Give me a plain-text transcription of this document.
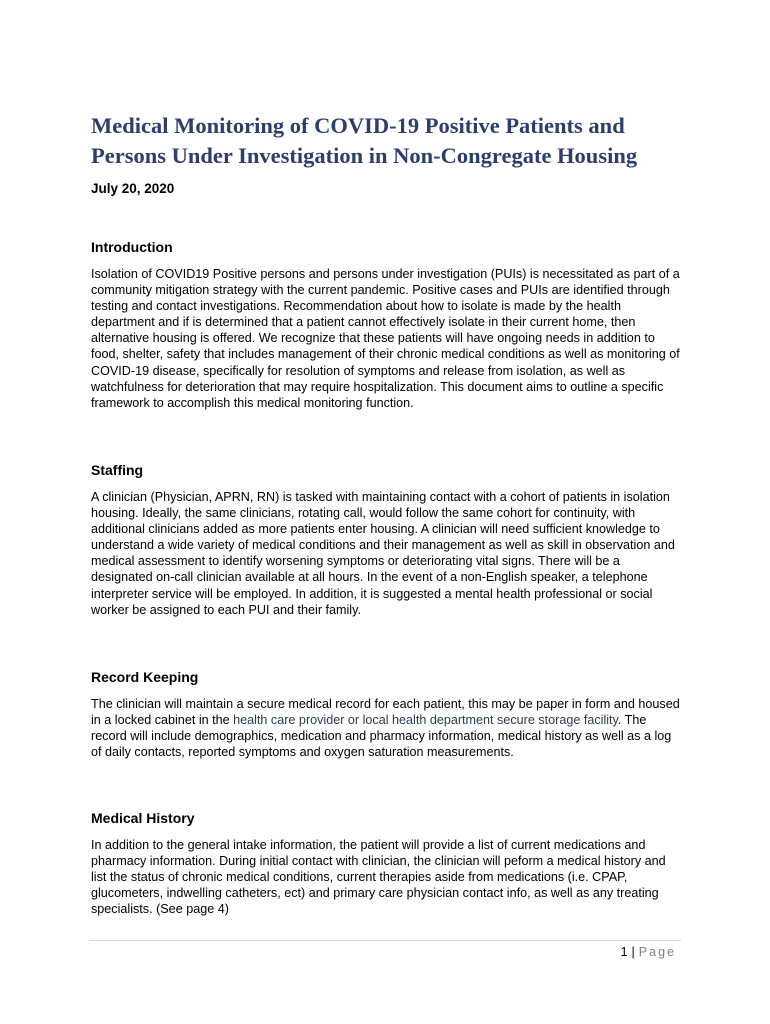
Medical Monitoring of COVID-19 Positive Patients and Persons Under Investigation in Non-Congregate Housing

July 20, 2020

Introduction

Isolation of COVID19 Positive persons and persons under investigation (PUIs) is necessitated as part of a community mitigation strategy with the current pandemic. Positive cases and PUIs are identified through testing and contact investigations. Recommendation about how to isolate is made by the health department and if is determined that a patient cannot effectively isolate in their current home, then alternative housing is offered. We recognize that these patients will have ongoing needs in addition to food, shelter, safety that includes management of their chronic medical conditions as well as monitoring of COVID-19 disease, specifically for resolution of symptoms and release from isolation, as well as watchfulness for deterioration that may require hospitalization. This document aims to outline a specific framework to accomplish this medical monitoring function.

Staffing

A clinician (Physician, APRN, RN) is tasked with maintaining contact with a cohort of patients in isolation housing. Ideally, the same clinicians, rotating call, would follow the same cohort for continuity, with additional clinicians added as more patients enter housing. A clinician will need sufficient knowledge to understand a wide variety of medical conditions and their management as well as skill in observation and medical assessment to identify worsening symptoms or deteriorating vital signs. There will be a designated on-call clinician available at all hours. In the event of a non-English speaker, a telephone interpreter service will be employed. In addition, it is suggested a mental health professional or social worker be assigned to each PUI and their family.

Record Keeping

The clinician will maintain a secure medical record for each patient, this may be paper in form and housed in a locked cabinet in the health care provider or local health department secure storage facility. The record will include demographics, medication and pharmacy information, medical history as well as a log of daily contacts, reported symptoms and oxygen saturation measurements.

Medical History

In addition to the general intake information, the patient will provide a list of current medications and pharmacy information. During initial contact with clinician, the clinician will peform a medical history and list the status of chronic medical conditions, current therapies aside from medications (i.e. CPAP, glucometers, indwelling catheters, ect) and primary care physician contact info, as well as any treating specialists. (See page 4)

1 | Page
